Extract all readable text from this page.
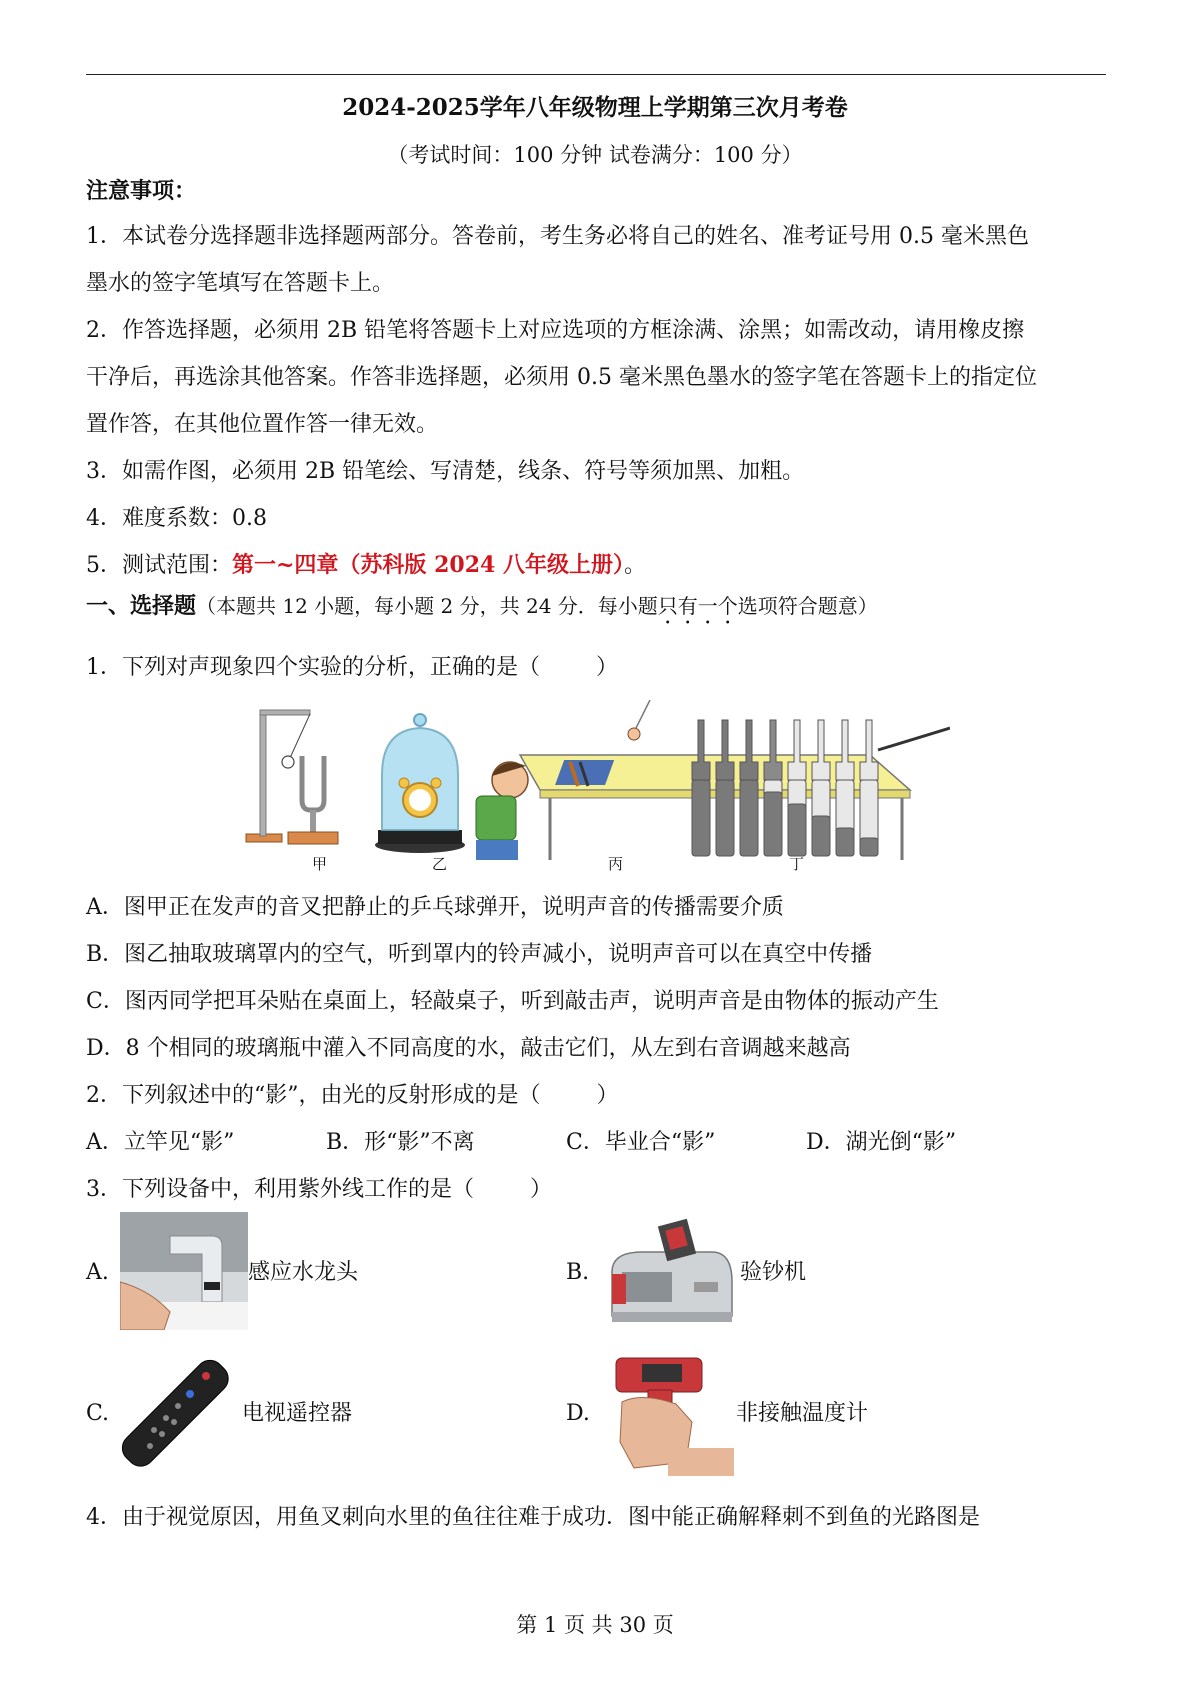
2024-2025学年八年级物理上学期第三次月考卷
（考试时间：100 分钟 试卷满分：100 分）
注意事项：
1．本试卷分选择题非选择题两部分。答卷前，考生务必将自己的姓名、准考证号用 0.5 毫米黑色
墨水的签字笔填写在答题卡上。
2．作答选择题，必须用 2B 铅笔将答题卡上对应选项的方框涂满、涂黑；如需改动，请用橡皮擦
干净后，再选涂其他答案。作答非选择题，必须用 0.5 毫米黑色墨水的签字笔在答题卡上的指定位
置作答，在其他位置作答一律无效。
3．如需作图，必须用 2B 铅笔绘、写清楚，线条、符号等须加黑、加粗。
4．难度系数：0.8
5．测试范围：第一~四章（苏科版 2024 八年级上册）。
一、选择题（本题共 12 小题，每小题 2 分，共 24 分．每小题只有一个选项符合题意）
1．下列对声现象四个实验的分析，正确的是（	）
甲	乙	丙	丁
A．图甲正在发声的音叉把静止的乒乓球弹开，说明声音的传播需要介质
B．图乙抽取玻璃罩内的空气，听到罩内的铃声减小，说明声音可以在真空中传播
C．图丙同学把耳朵贴在桌面上，轻敲桌子，听到敲击声，说明声音是由物体的振动产生
D．8 个相同的玻璃瓶中灌入不同高度的水，敲击它们，从左到右音调越来越高
2．下列叙述中的“影”，由光的反射形成的是（	）
A．立竿见“影”	B．形“影”不离	C．毕业合“影”	D．湖光倒“影”
3．下列设备中，利用紫外线工作的是（	）
A.	感应水龙头	B.	验钞机
C.	电视遥控器	D.	非接触温度计
4．由于视觉原因，用鱼叉刺向水里的鱼往往难于成功．图中能正确解释刺不到鱼的光路图是
第 1 页 共 30 页
